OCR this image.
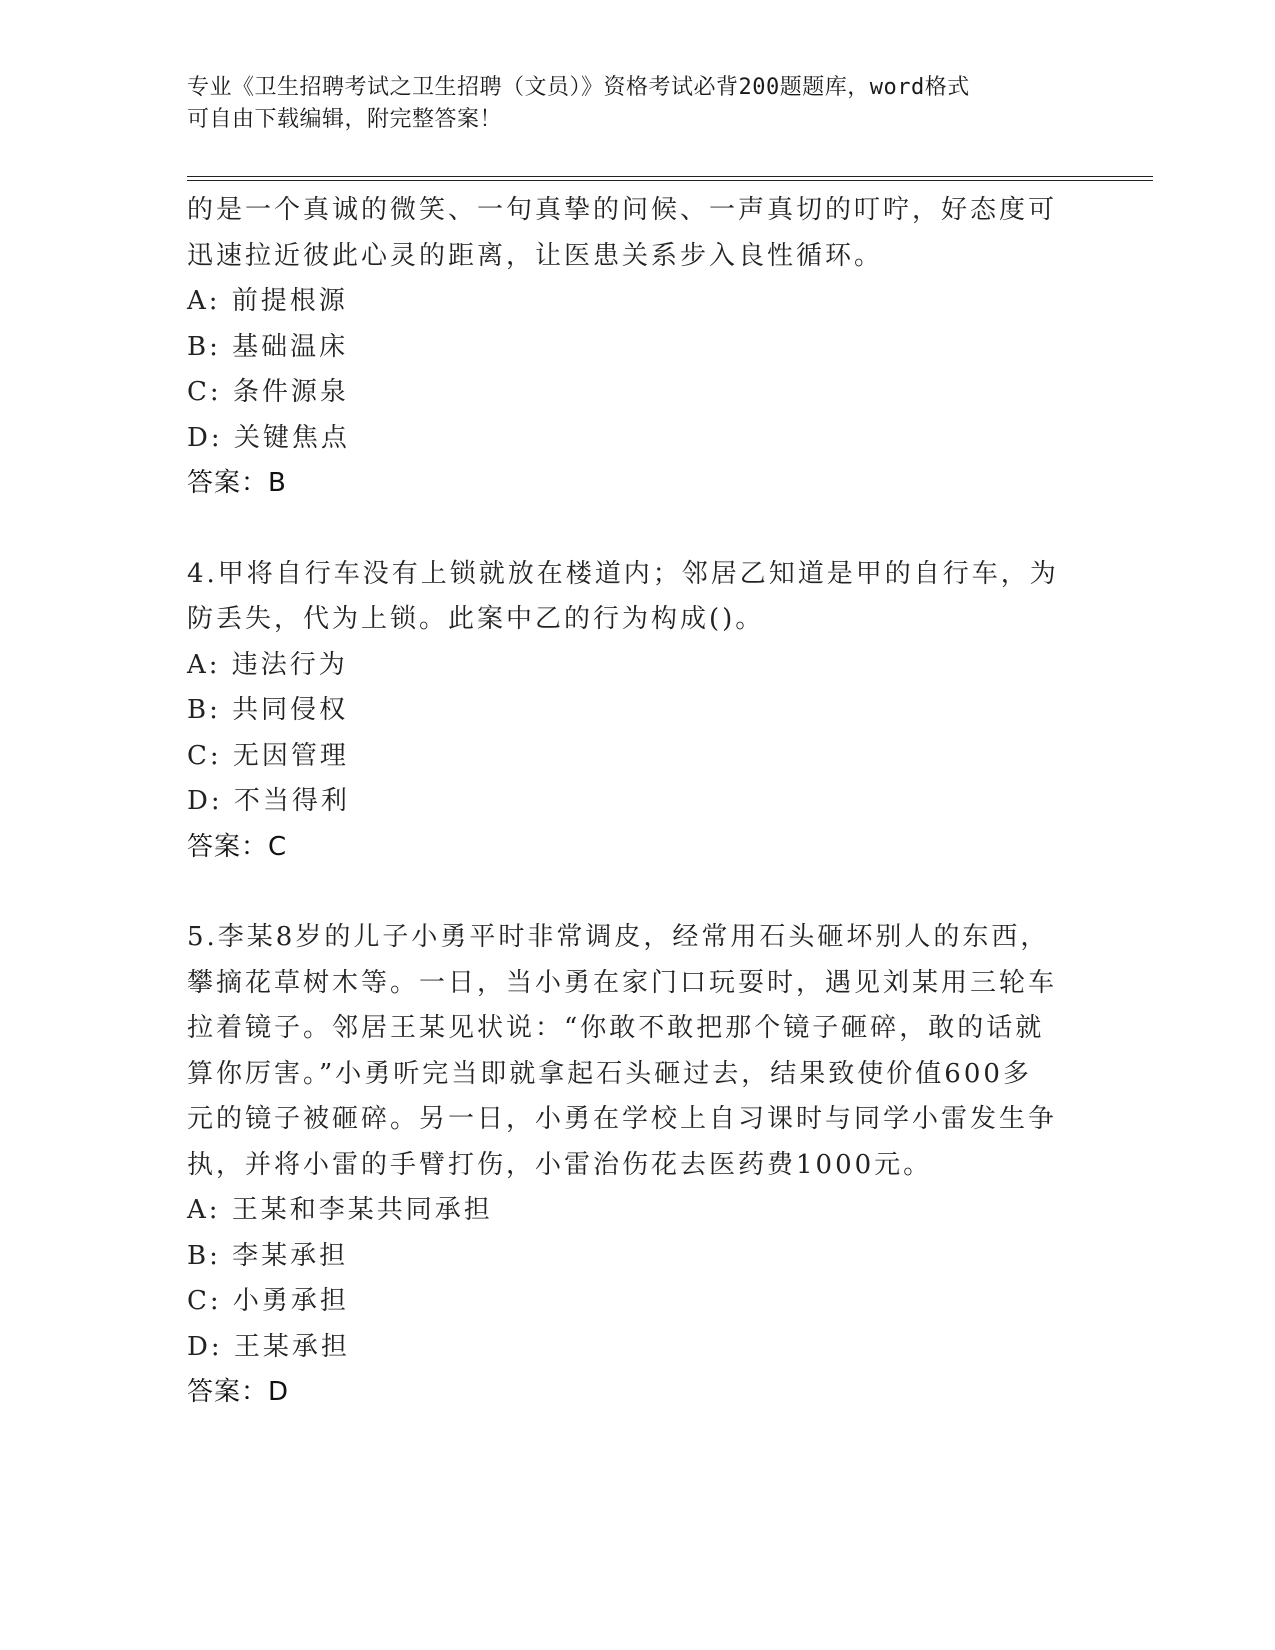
专业《卫生招聘考试之卫生招聘（文员）》资格考试必背200题题库，word格式
可自由下载编辑，附完整答案！

的是一个真诚的微笑、一句真挚的问候、一声真切的叮咛，好态度可

迅速拉近彼此心灵的距离，让医患关系步入良性循环。

A: 前提根源

B: 基础温床

C: 条件源泉

D: 关键焦点

答案：B

4.甲将自行车没有上锁就放在楼道内；邻居乙知道是甲的自行车，为

防丢失，代为上锁。此案中乙的行为构成()。

A: 违法行为

B: 共同侵权

C: 无因管理

D: 不当得利

答案：C

5.李某8岁的儿子小勇平时非常调皮，经常用石头砸坏别人的东西，

攀摘花草树木等。一日，当小勇在家门口玩耍时，遇见刘某用三轮车

拉着镜子。邻居王某见状说：“你敢不敢把那个镜子砸碎，敢的话就

算你厉害。”小勇听完当即就拿起石头砸过去，结果致使价值600多

元的镜子被砸碎。另一日，小勇在学校上自习课时与同学小雷发生争

执，并将小雷的手臂打伤，小雷治伤花去医药费1000元。

A: 王某和李某共同承担

B: 李某承担

C: 小勇承担

D: 王某承担

答案：D
